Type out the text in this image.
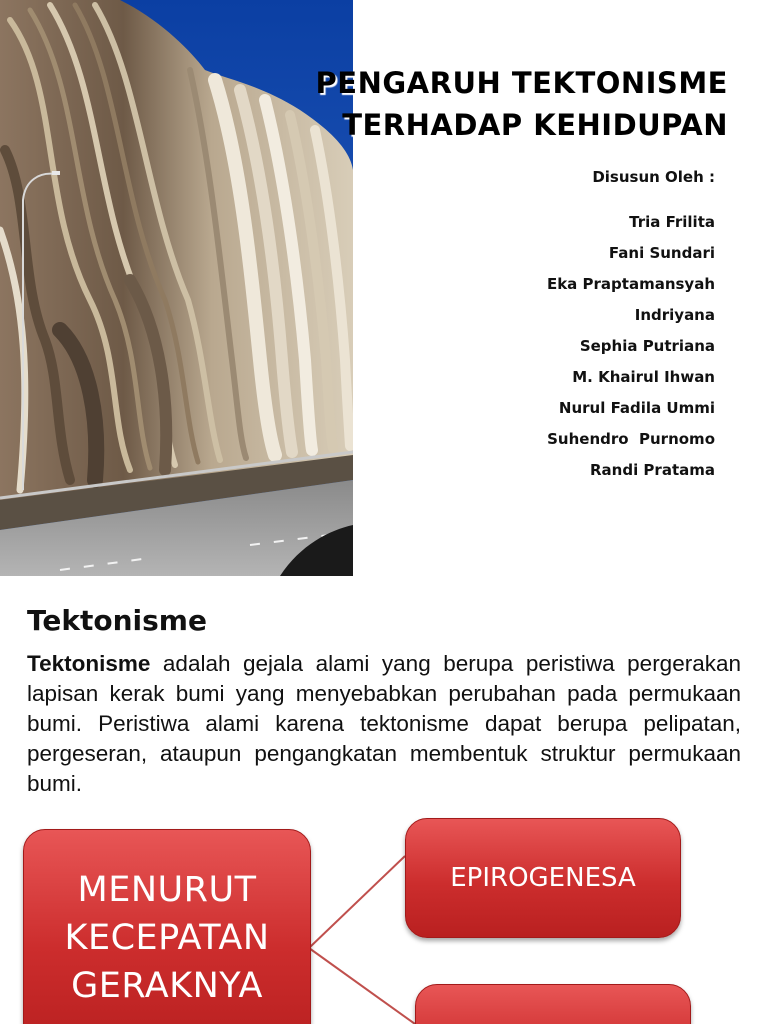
PENGARUH TEKTONISME
TERHADAP KEHIDUPAN
Disusun Oleh :
Tria Frilita
Fani Sundari
Eka Praptamansyah
Indriyana
Sephia Putriana
M. Khairul Ihwan
Nurul Fadila Ummi
Suhendro  Purnomo
Randi Pratama
Tektonisme

Tektonisme adalah gejala alami yang berupa peristiwa pergerakan lapisan kerak bumi yang menyebabkan perubahan pada permukaan bumi. Peristiwa alami karena tektonisme dapat berupa pelipatan, pergeseran, ataupun pengangkatan membentuk struktur permukaan bumi.

MENURUT
KECEPATAN
GERAKNYA
EPIROGENESA
